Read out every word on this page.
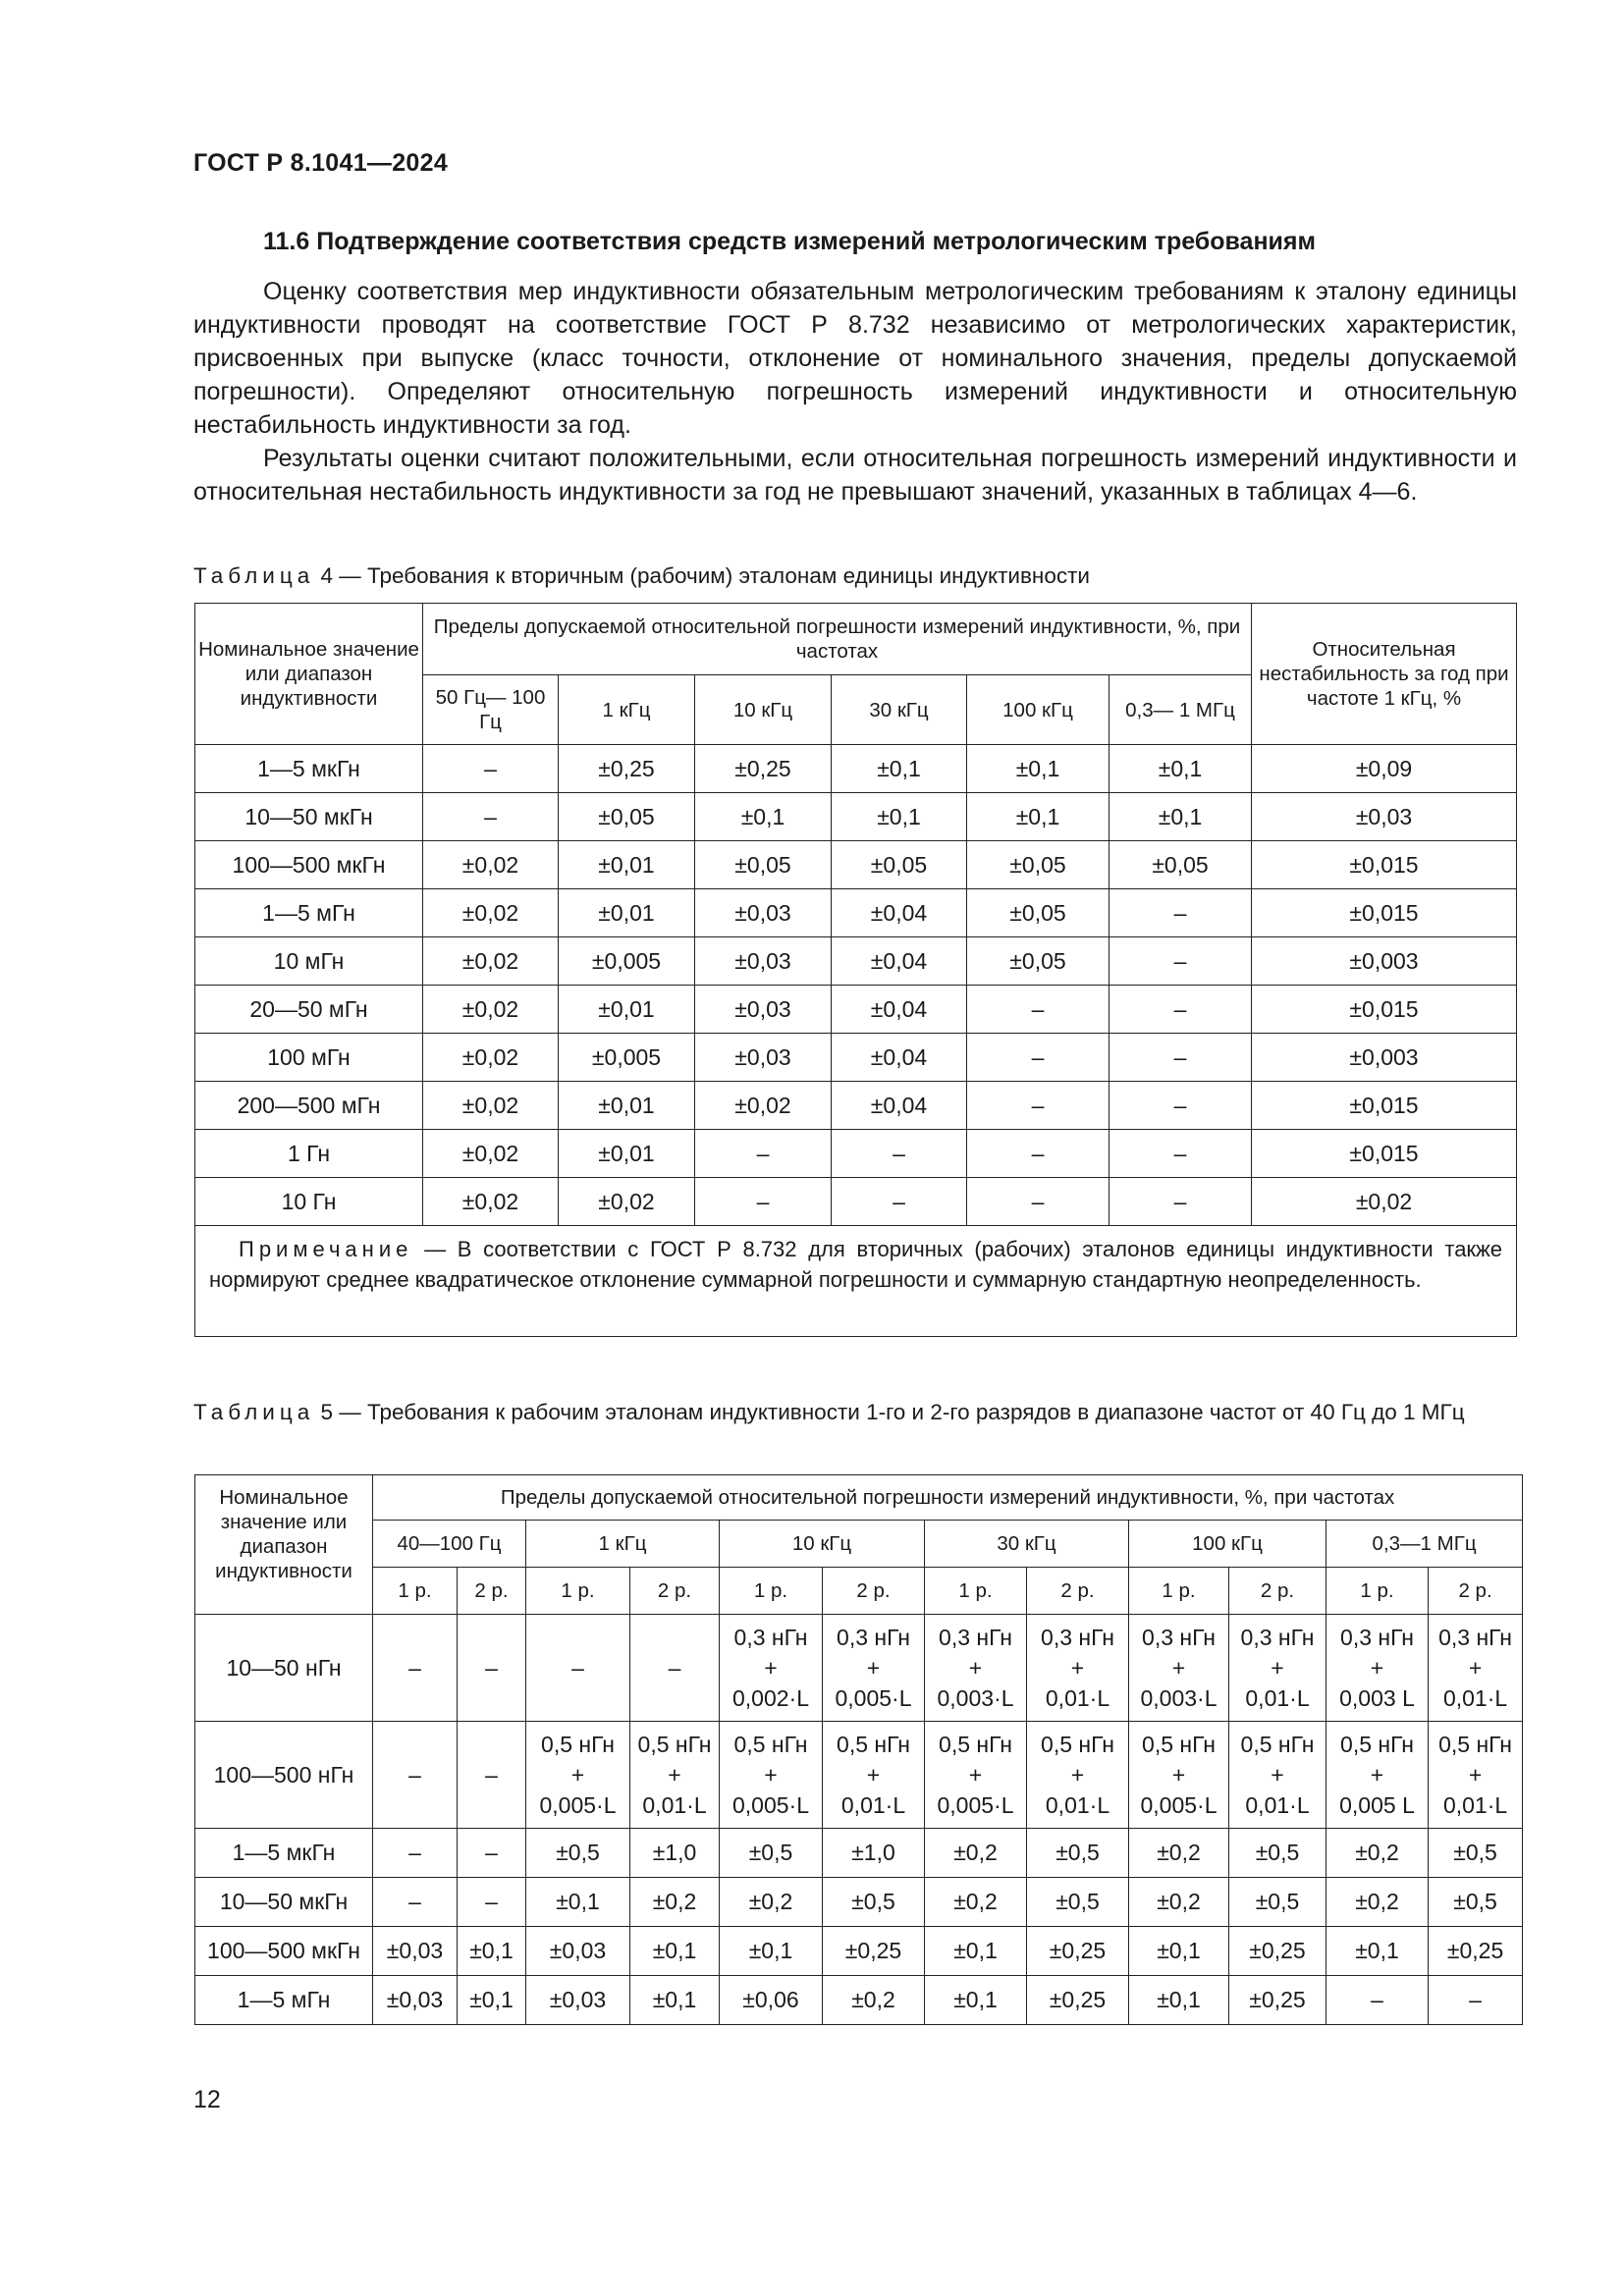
ГОСТ Р 8.1041—2024
11.6 Подтверждение соответствия средств измерений метрологическим требованиям

Оценку соответствия мер индуктивности обязательным метрологическим требованиям к эталону единицы индуктивности проводят на соответствие ГОСТ Р 8.732 независимо от метрологических характеристик, присвоенных при выпуске (класс точности, отклонение от номинального значения, пределы допускаемой погрешности). Определяют относительную погрешность измерений индуктивности и относительную нестабильность индуктивности за год.

Результаты оценки считают положительными, если относительная погрешность измерений индуктивности и относительная нестабильность индуктивности за год не превышают значений, указанных в таблицах 4—6.

Таблица 4 — Требования к вторичным (рабочим) эталонам единицы индуктивности

Номинальное значение или диапазон индуктивности	Пределы допускаемой относительной погрешности измерений индуктивности, %, при частотах						Относительная нестабильность за год при частоте 1 кГц, %
	50 Гц— 100 Гц	1 кГц	10 кГц	30 кГц	100 кГц	0,3— 1 МГц	
1—5 мкГн	–	±0,25	±0,25	±0,1	±0,1	±0,1	±0,09
10—50 мкГн	–	±0,05	±0,1	±0,1	±0,1	±0,1	±0,03
100—500 мкГн	±0,02	±0,01	±0,05	±0,05	±0,05	±0,05	±0,015
1—5 мГн	±0,02	±0,01	±0,03	±0,04	±0,05	–	±0,015
10 мГн	±0,02	±0,005	±0,03	±0,04	±0,05	–	±0,003
20—50 мГн	±0,02	±0,01	±0,03	±0,04	–	–	±0,015
100 мГн	±0,02	±0,005	±0,03	±0,04	–	–	±0,003
200—500 мГн	±0,02	±0,01	±0,02	±0,04	–	–	±0,015
1 Гн	±0,02	±0,01	–	–	–	–	±0,015
10 Гн	±0,02	±0,02	–	–	–	–	±0,02
Примечание — В соответствии с ГОСТ Р 8.732 для вторичных (рабочих) эталонов единицы индуктивности также нормируют среднее квадратическое отклонение суммарной погрешности и суммарную стандартную неопределенность.							

Таблица 5 — Требования к рабочим эталонам индуктивности 1-го и 2-го разрядов в диапазоне частот от 40 Гц до 1 МГц

Номинальное значение или диапазон индуктивности	Пределы допускаемой относительной погрешности измерений индуктивности, %, при частотах											
	40—100 Гц		1 кГц		10 кГц		30 кГц		100 кГц		0,3—1 МГц	
	1 р.	2 р.	1 р.	2 р.	1 р.	2 р.	1 р.	2 р.	1 р.	2 р.	1 р.	2 р.
10—50 нГн	–	–	–	–	0,3 нГн
+
0,002·L	0,3 нГн
+
0,005·L	0,3 нГн
+
0,003·L	0,3 нГн
+
0,01·L	0,3 нГн
+
0,003·L	0,3 нГн
+
0,01·L	0,3 нГн
+
0,003 L	0,3 нГн
+
0,01·L

100—500 нГн	–	–	0,5 нГн
+
0,005·L	0,5 нГн
+
0,01·L	0,5 нГн
+
0,005·L	0,5 нГн
+
0,01·L	0,5 нГн
+
0,005·L	0,5 нГн
+
0,01·L	0,5 нГн
+
0,005·L	0,5 нГн
+
0,01·L	0,5 нГн
+
0,005 L	0,5 нГн
+
0,01·L

1—5 мкГн	–	–	±0,5	±1,0	±0,5	±1,0	±0,2	±0,5	±0,2	±0,5	±0,2	±0,5
10—50 мкГн	–	–	±0,1	±0,2	±0,2	±0,5	±0,2	±0,5	±0,2	±0,5	±0,2	±0,5
100—500 мкГн	±0,03	±0,1	±0,03	±0,1	±0,1	±0,25	±0,1	±0,25	±0,1	±0,25	±0,1	±0,25
1—5 мГн	±0,03	±0,1	±0,03	±0,1	±0,06	±0,2	±0,1	±0,25	±0,1	±0,25	–	–
12
